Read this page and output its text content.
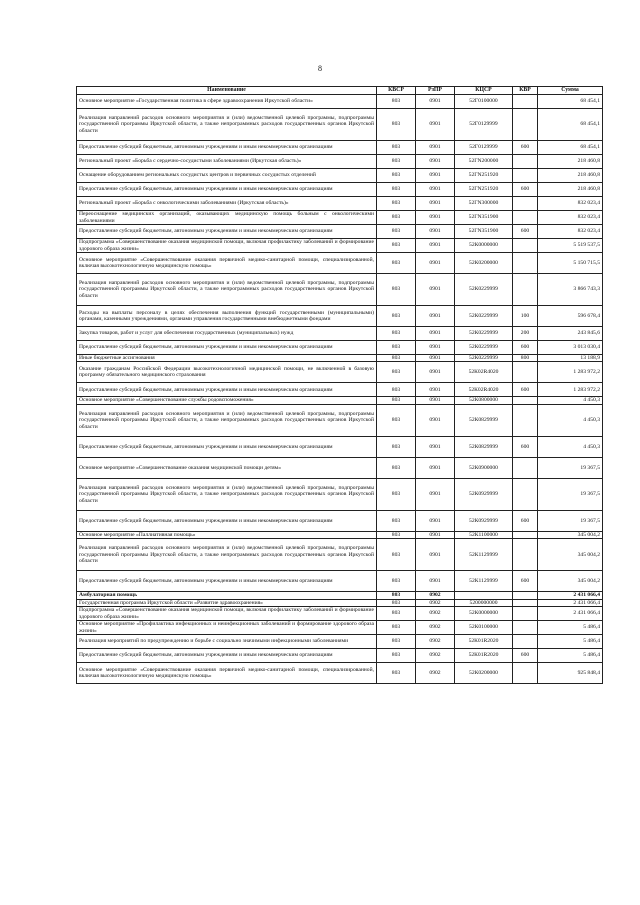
8
Наименование	КВСР	РзПР	КЦСР	КВР	Сумма
Основное мероприятие «Государственная политика в сфере здравоохранения Иркутской области»	803	0901	52Г0100000		68 454,1
Реализация направлений расходов основного мероприятия и (или) ведомственной целевой программы, подпрограммы государственной программы Иркутской области, а также непрограммных расходов государственных органов Иркутской области	803	0901	52Г0129999		68 454,1
Предоставление субсидий бюджетным, автономным учреждениям и иным некоммерческим организациям	803	0901	52Г0129999	600	68 454,1
Региональный проект «Борьба с сердечно-сосудистыми заболеваниями (Иркутская область)»	803	0901	52ГN200000		218 460,8
Оснащение оборудованием региональных сосудистых центров и первичных сосудистых отделений	803	0901	52ГN251920		218 460,8
Предоставление субсидий бюджетным, автономным учреждениям и иным некоммерческим организациям	803	0901	52ГN251920	600	218 460,8
Региональный проект «Борьба с онкологическими заболеваниями (Иркутская область)»	803	0901	52ГN300000		832 023,4
Переоснащение медицинских организаций, оказывающих медицинскую помощь больным с онкологическими заболеваниями	803	0901	52ГN351900		832 023,4
Предоставление субсидий бюджетным, автономным учреждениям и иным некоммерческим организациям	803	0901	52ГN351900	600	832 023,4
Подпрограмма «Совершенствование оказания медицинской помощи, включая профилактику заболеваний и формирование здорового образа жизни»	803	0901	52К0000000		5 519 537,5
Основное мероприятие «Совершенствование оказания первичной медико-санитарной помощи, специализированной, включая высокотехнологичную медицинскую помощь»	803	0901	52К0200000		5 150 715,5
Реализация направлений расходов основного мероприятия и (или) ведомственной целевой программы, подпрограммы государственной программы Иркутской области, а также непрограммных расходов государственных органов Иркутской области	803	0901	52К0229999		3 866 743,3
Расходы на выплаты персоналу в целях обеспечения выполнения функций государственными (муниципальными) органами, казенными учреждениями, органами управления государственными внебюджетными фондами	803	0901	52К0229999	100	596 678,4
Закупка товаров, работ и услуг для обеспечения государственных (муниципальных) нужд	803	0901	52К0229999	200	243 845,6
Предоставление субсидий бюджетным, автономным учреждениям и иным некоммерческим организациям	803	0901	52К0229999	600	3 013 030,4
Иные бюджетные ассигнования	803	0901	52К0229999	800	13 188,9
Оказание гражданам Российской Федерации высокотехнологичной медицинской помощи, не включенной в базовую программу обязательного медицинского страхования	803	0901	52К02R4020		1 283 972,2
Предоставление субсидий бюджетным, автономным учреждениям и иным некоммерческим организациям	803	0901	52К02R4020	600	1 283 972,2
Основное мероприятие «Совершенствование службы родовспоможения»	803	0901	52К0800000		4 450,3
Реализация направлений расходов основного мероприятия и (или) ведомственной целевой программы, подпрограммы государственной программы Иркутской области, а также непрограммных расходов государственных органов Иркутской области	803	0901	52К0829999		4 450,3
Предоставление субсидий бюджетным, автономным учреждениям и иным некоммерческим организациям	803	0901	52К0829999	600	4 450,3
Основное мероприятие «Совершенствование оказания медицинской помощи детям»	803	0901	52К0900000		19 367,5
Реализация направлений расходов основного мероприятия и (или) ведомственной целевой программы, подпрограммы государственной программы Иркутской области, а также непрограммных расходов государственных органов Иркутской области	803	0901	52К0929999		19 367,5
Предоставление субсидий бюджетным, автономным учреждениям и иным некоммерческим организациям	803	0901	52К0929999	600	19 367,5
Основное мероприятие «Паллиативная помощь»	803	0901	52К1100000		345 004,2
Реализация направлений расходов основного мероприятия и (или) ведомственной целевой программы, подпрограммы государственной программы Иркутской области, а также непрограммных расходов государственных органов Иркутской области	803	0901	52К1129999		345 004,2
Предоставление субсидий бюджетным, автономным учреждениям и иным некоммерческим организациям	803	0901	52К1129999	600	345 004,2
Амбулаторная помощь	803	0902			2 431 066,4
Государственная программа Иркутской области «Развитие здравоохранения»	803	0902	5200000000		2 431 066,4
Подпрограмма «Совершенствование оказания медицинской помощи, включая профилактику заболеваний и формирование здорового образа жизни»	803	0902	52К0000000		2 431 066,4
Основное мероприятие «Профилактика инфекционных и неинфекционных заболеваний и формирование здорового образа жизни»	803	0902	52К0100000		5 486,4
Реализация мероприятий по предупреждению и борьбе с социально значимыми инфекционными заболеваниями	803	0902	52К01R2020		5 486,4
Предоставление субсидий бюджетным, автономным учреждениям и иным некоммерческим организациям	803	0902	52К01R2020	600	5 486,4
Основное мероприятие «Совершенствование оказания первичной медико-санитарной помощи, специализированной, включая высокотехнологичную медицинскую помощь»	803	0902	52К0200000		925 848,4
